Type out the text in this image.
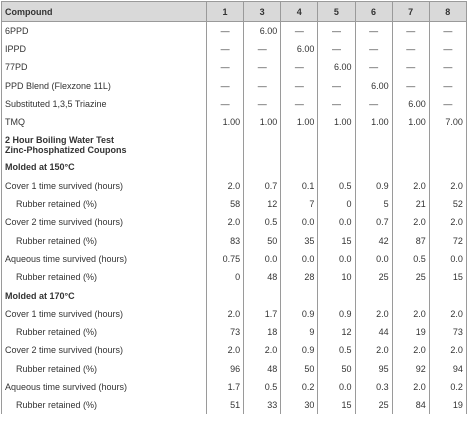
Compound	1	3	4	5	6	7	8
6PPD	—	6.00	—	—	—	—	—
IPPD	—	—	6.00	—	—	—	—
77PD	—	—	—	6.00	—	—	—
PPD Blend (Flexzone 11L)	—	—	—	—	6.00	—	—
Substituted 1,3,5 Triazine	—	—	—	—	—	6.00	—
TMQ	1.00	1.00	1.00	1.00	1.00	1.00	7.00

2 Hour Boiling Water Test
Zinc-Phosphatized Coupons							

Molded at 150°C							
Cover 1 time survived (hours)	2.0	0.7	0.1	0.5	0.9	2.0	2.0
Rubber retained (%)	58	12	7	0	5	21	52
Cover 2 time survived (hours)	2.0	0.5	0.0	0.0	0.7	2.0	2.0
Rubber retained (%)	83	50	35	15	42	87	72
Aqueous time survived (hours)	0.75	0.0	0.0	0.0	0.0	0.5	0.0
Rubber retained (%)	0	48	28	10	25	25	15
Molded at 170°C							
Cover 1 time survived (hours)	2.0	1.7	0.9	0.9	2.0	2.0	2.0
Rubber retained (%)	73	18	9	12	44	19	73
Cover 2 time survived (hours)	2.0	2.0	0.9	0.5	2.0	2.0	2.0
Rubber retained (%)	96	48	50	50	95	92	94
Aqueous time survived (hours)	1.7	0.5	0.2	0.0	0.3	2.0	0.2
Rubber retained (%)	51	33	30	15	25	84	19
